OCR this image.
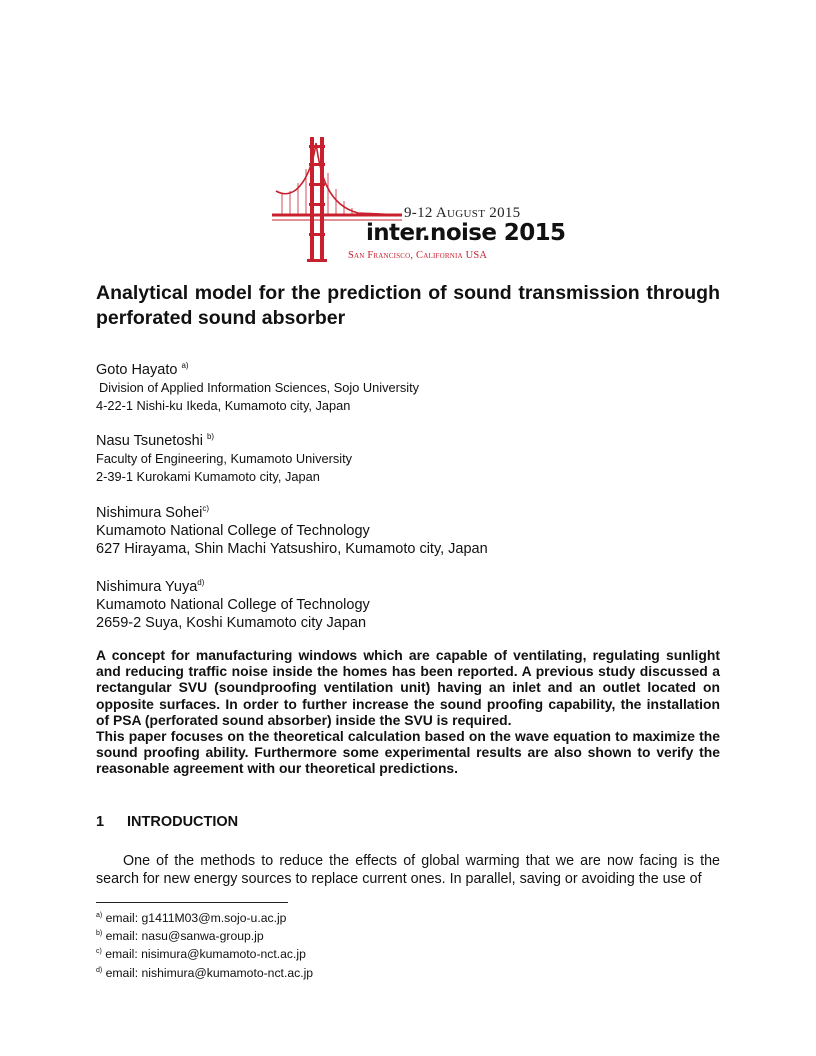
9-12 August 2015
inter.noise 2015
San Francisco, California USA
Analytical model for the prediction of sound transmission through perforated sound absorber
Goto Hayato $^{a)}$
Division of Applied Information Sciences, Sojo University
4-22-1 Nishi-ku Ikeda, Kumamoto city, Japan
Nasu Tsunetoshi $^{b)}$
Faculty of Engineering, Kumamoto University
2-39-1 Kurokami Kumamoto city, Japan
Nishimura Sohei$^{c)}$
Kumamoto National College of Technology
627 Hirayama, Shin Machi Yatsushiro, Kumamoto city, Japan
Nishimura Yuya$^{d)}$
Kumamoto National College of Technology
2659-2 Suya, Koshi Kumamoto city Japan

A concept for manufacturing windows which are capable of ventilating, regulating sunlight and reducing traffic noise inside the homes has been reported. A previous study discussed a rectangular SVU (soundproofing ventilation unit) having an inlet and an outlet located on opposite surfaces. In order to further increase the sound proofing capability, the installation of PSA (perforated sound absorber) inside the SVU is required.

This paper focuses on the theoretical calculation based on the wave equation to maximize the sound proofing ability. Furthermore some experimental results are also shown to verify the reasonable agreement with our theoretical predictions.

1 INTRODUCTION

One of the methods to reduce the effects of global warming that we are now facing is the search for new energy sources to replace current ones. In parallel, saving or avoiding the use of

$^{a)}$ email: g1411M03@m.sojo-u.ac.jp
$^{b)}$ email: nasu@sanwa-group.jp
$^{c)}$ email: nisimura@kumamoto-nct.ac.jp
$^{d)}$ email: nishimura@kumamoto-nct.ac.jp
